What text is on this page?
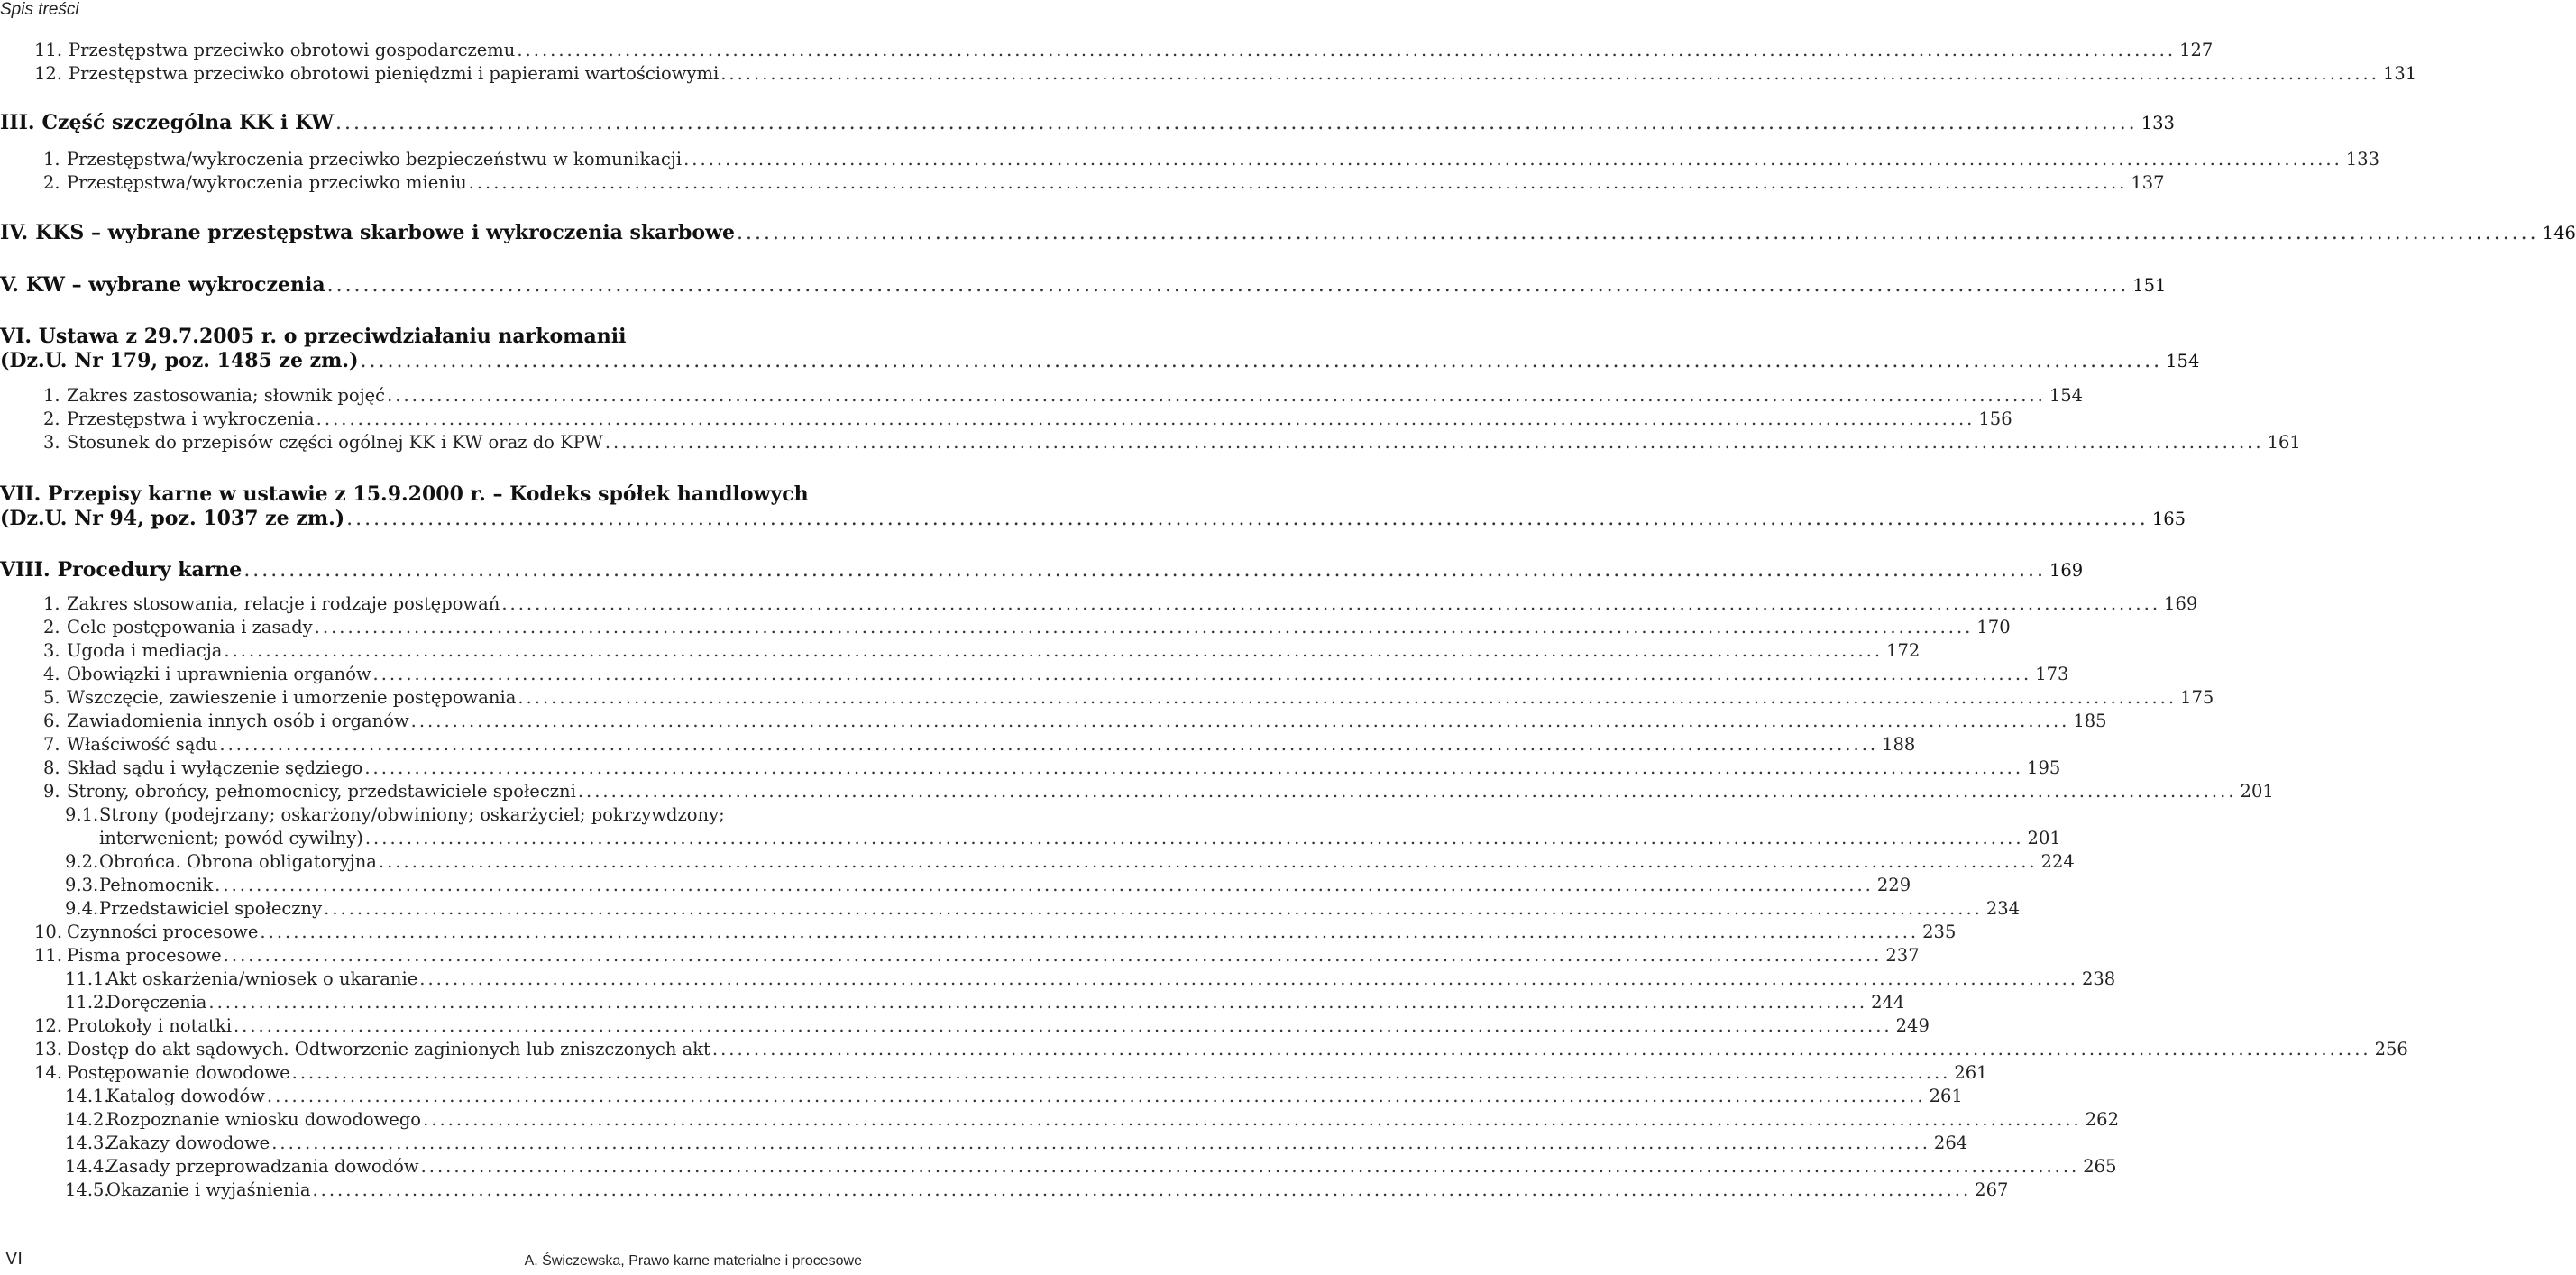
Spis treści
11. Przestępstwa przeciwko obrotowi gospodarczemu .....	127
12. Przestępstwa przeciwko obrotowi pieniędzmi i papierami wartościowymi .....	131
III. Część szczególna KK i KW .....	133
1. Przestępstwa/wykroczenia przeciwko bezpieczeństwu w komunikacji .....	133
2. Przestępstwa/wykroczenia przeciwko mieniu .....	137
IV. KKS – wybrane przestępstwa skarbowe i wykroczenia skarbowe .....	146
V. KW – wybrane wykroczenia .....	151
VI. Ustawa z 29.7.2005 r. o przeciwdziałaniu narkomanii
(Dz.U. Nr 179, poz. 1485 ze zm.) .....	154
1. Zakres zastosowania; słownik pojęć .....	154
2. Przestępstwa i wykroczenia .....	156
3. Stosunek do przepisów części ogólnej KK i KW oraz do KPW .....	161
VII. Przepisy karne w ustawie z 15.9.2000 r. – Kodeks spółek handlowych
(Dz.U. Nr 94, poz. 1037 ze zm.) .....	165
VIII. Procedury karne .....	169
1. Zakres stosowania, relacje i rodzaje postępowań .....	169
2. Cele postępowania i zasady .....	170
3. Ugoda i mediacja .....	172
4. Obowiązki i uprawnienia organów .....	173
5. Wszczęcie, zawieszenie i umorzenie postępowania .....	175
6. Zawiadomienia innych osób i organów .....	185
7. Właściwość sądu .....	188
8. Skład sądu i wyłączenie sędziego .....	195
9. Strony, obrońcy, pełnomocnicy, przedstawiciele społeczni .....	201
9.1.Strony (podejrzany; oskarżony/obwiniony; oskarżyciel; pokrzywdzony;
interwenient; powód cywilny) .....	201
9.2. Obrońca. Obrona obligatoryjna .....	224
9.3. Pełnomocnik .....	229
9.4. Przedstawiciel społeczny .....	234
10. Czynności procesowe .....	235
11. Pisma procesowe .....	237
11.1.
Akt oskarżenia/wniosek o ukaranie .....	238
11.2.
Doręczenia .....	244
12. Protokoły i notatki .....	249
13. Dostęp do akt sądowych. Odtworzenie zaginionych lub zniszczonych akt .....	256
14. Postępowanie dowodowe .....	261
14.1.
Katalog dowodów .....	261
14.2.
Rozpoznanie wniosku dowodowego .....	262
14.3.
Zakazy dowodowe .....	264
14.4.
Zasady przeprowadzania dowodów .....	265
14.5.
Okazanie i wyjaśnienia .....	267
VI	A. Świczewska, Prawo karne materialne i procesowe
